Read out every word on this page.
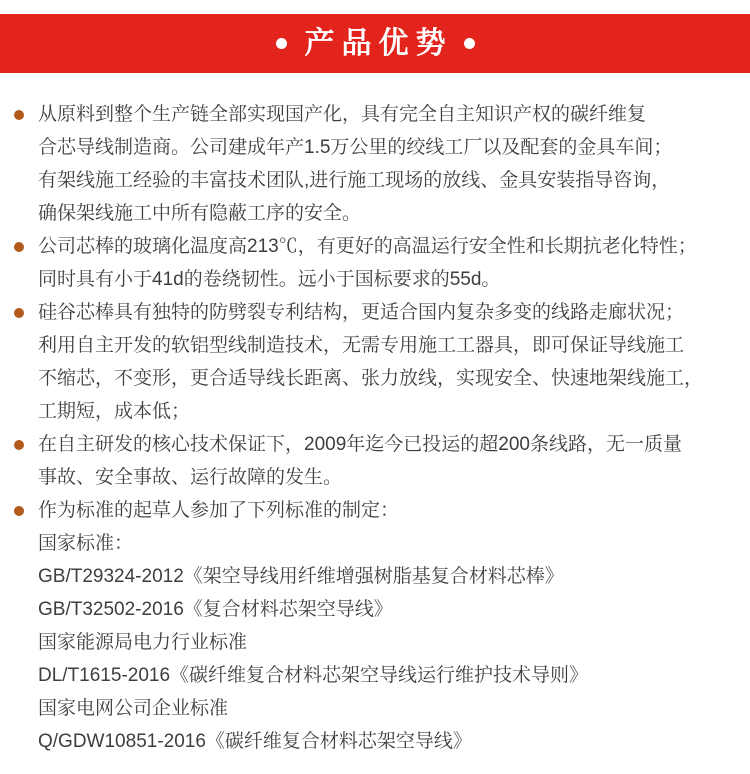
产品优势

从原料到整个生产链全部实现国产化，具有完全自主知识产权的碳纤维复
合芯导线制造商。公司建成年产1.5万公里的绞线工厂以及配套的金具车间；
有架线施工经验的丰富技术团队,进行施工现场的放线、金具安装指导咨询，
确保架线施工中所有隐蔽工序的安全。

公司芯棒的玻璃化温度高213℃，有更好的高温运行安全性和长期抗老化特性；
同时具有小于41d的卷绕韧性。远小于国标要求的55d。

硅谷芯棒具有独特的防劈裂专利结构，更适合国内复杂多变的线路走廊状况；
利用自主开发的软铝型线制造技术，无需专用施工工器具，即可保证导线施工
不缩芯，不变形，更合适导线长距离、张力放线，实现安全、快速地架线施工，
工期短，成本低；

在自主研发的核心技术保证下，2009年迄今已投运的超200条线路，无一质量
事故、安全事故、运行故障的发生。

作为标准的起草人参加了下列标准的制定：
国家标准：
GB/T29324-2012《架空导线用纤维增强树脂基复合材料芯棒》
GB/T32502-2016《复合材料芯架空导线》
国家能源局电力行业标准
DL/T1615-2016《碳纤维复合材料芯架空导线运行维护技术导则》
国家电网公司企业标准
Q/GDW10851-2016《碳纤维复合材料芯架空导线》
